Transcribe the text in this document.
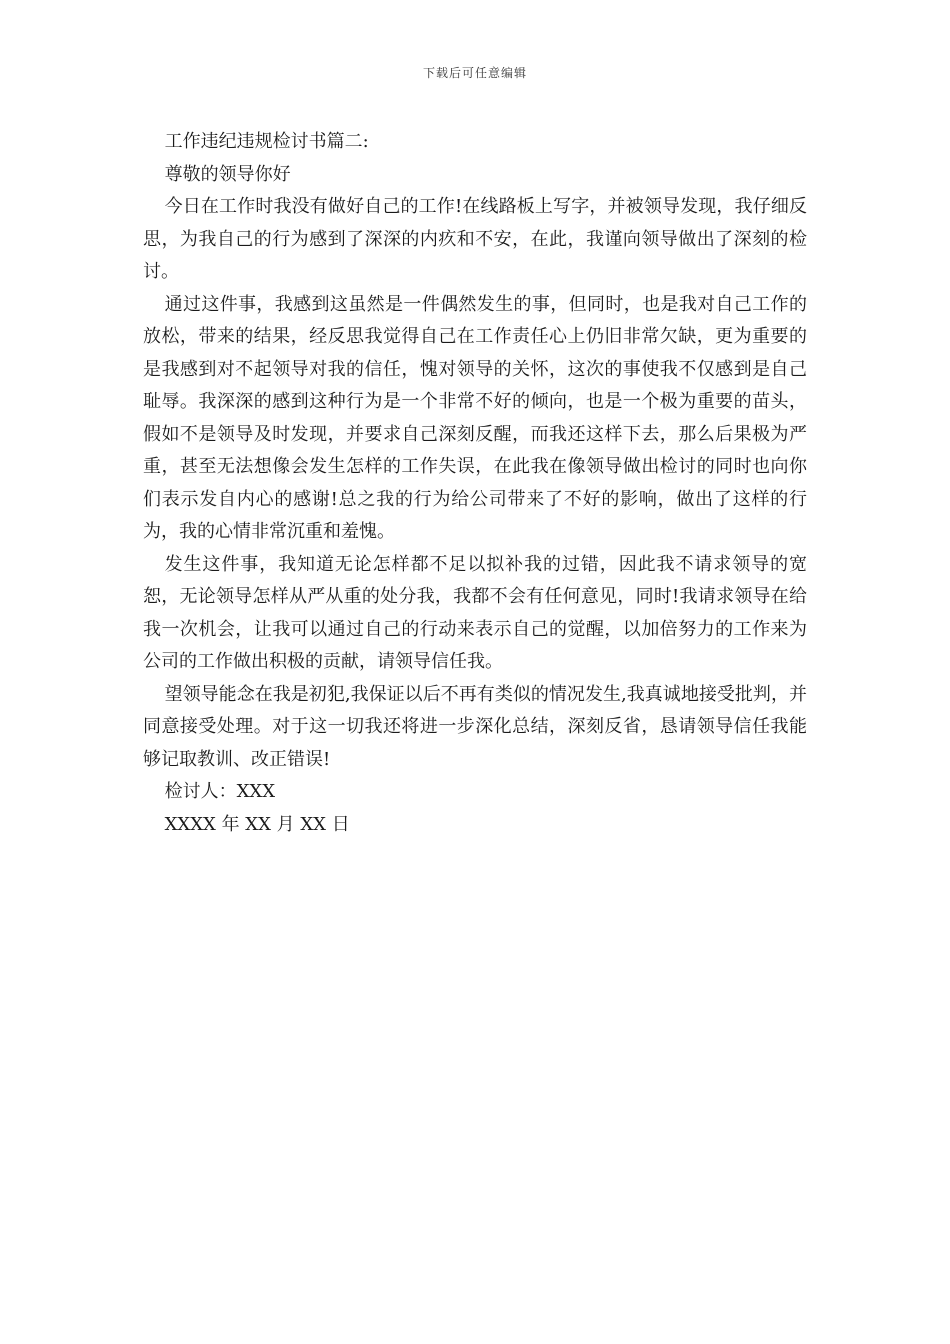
下载后可任意编辑

工作违纪违规检讨书篇二:

尊敬的领导你好

今日在工作时我没有做好自己的工作!在线路板上写字，并被领导发现，我仔细反思，为我自己的行为感到了深深的内疚和不安，在此，我谨向领导做出了深刻的检讨。

通过这件事，我感到这虽然是一件偶然发生的事，但同时，也是我对自己工作的放松，带来的结果，经反思我觉得自己在工作责任心上仍旧非常欠缺，更为重要的是我感到对不起领导对我的信任，愧对领导的关怀，这次的事使我不仅感到是自己耻辱。我深深的感到这种行为是一个非常不好的倾向，也是一个极为重要的苗头，假如不是领导及时发现，并要求自己深刻反醒，而我还这样下去，那么后果极为严重，甚至无法想像会发生怎样的工作失误，在此我在像领导做出检讨的同时也向你们表示发自内心的感谢!总之我的行为给公司带来了不好的影响，做出了这样的行为，我的心情非常沉重和羞愧。

发生这件事，我知道无论怎样都不足以拟补我的过错，因此我不请求领导的宽恕，无论领导怎样从严从重的处分我，我都不会有任何意见，同时!我请求领导在给我一次机会，让我可以通过自己的行动来表示自己的觉醒，以加倍努力的工作来为公司的工作做出积极的贡献，请领导信任我。

望领导能念在我是初犯,我保证以后不再有类似的情况发生,我真诚地接受批判，并同意接受处理。对于这一切我还将进一步深化总结，深刻反省，恳请领导信任我能够记取教训、改正错误!

检讨人：XXX

XXXX 年 XX 月 XX 日
